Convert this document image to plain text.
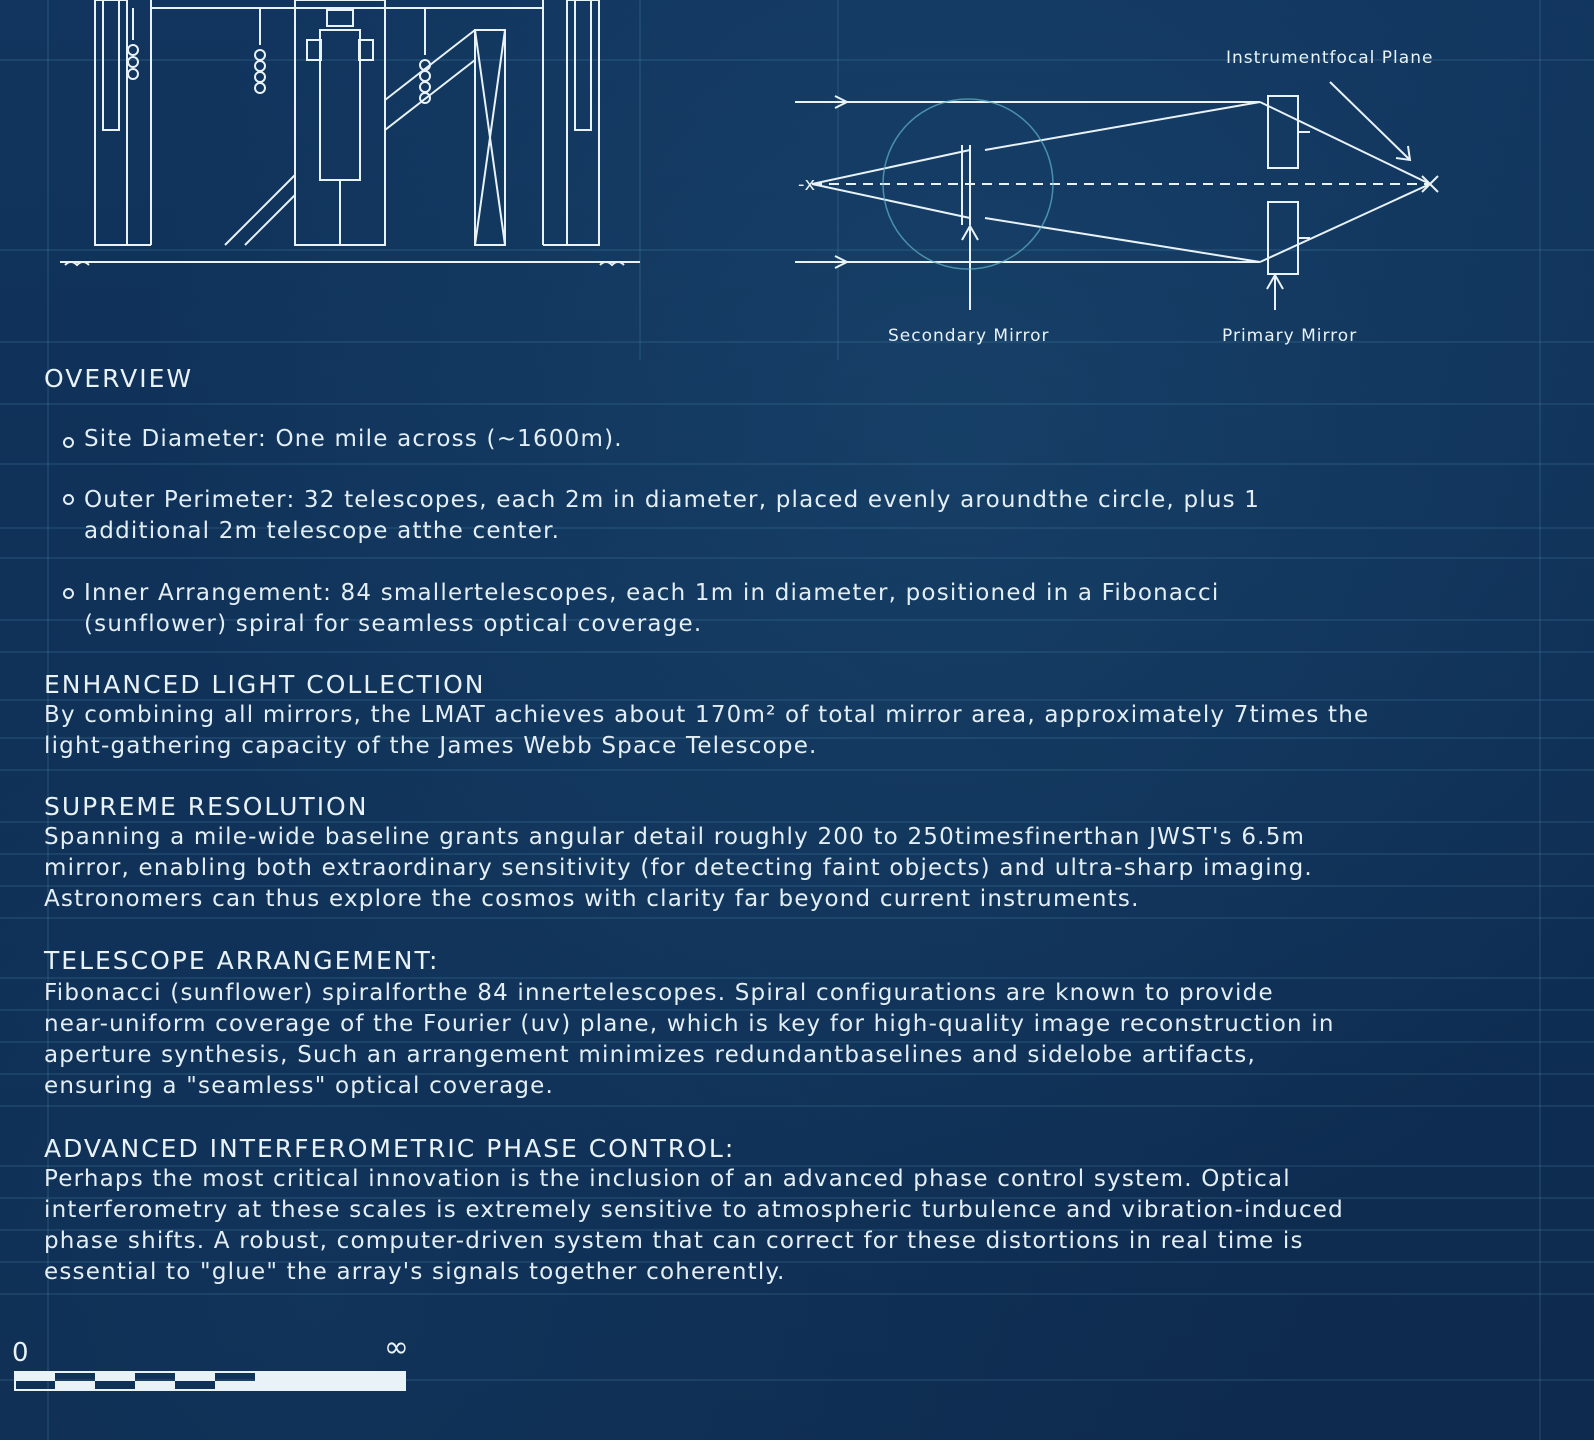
-x
Instrumentfocal Plane
Secondary Mirror	Primary Mirror
OVERVIEW
Site Diameter: One mile across (~1600m).
Outer Perimeter: 32 telescopes, each 2m in diameter, placed evenly aroundthe circle, plus 1
additional 2m telescope atthe center.
Inner Arrangement: 84 smallertelescopes, each 1m in diameter, positioned in a Fibonacci
(sunflower) spiral for seamless optical coverage.
ENHANCED LIGHT COLLECTION
By combining all mirrors, the LMAT achieves about 170m² of total mirror area, approximately 7times the
light-gathering capacity of the James Webb Space Telescope.
SUPREME RESOLUTION
Spanning a mile-wide baseline grants angular detail roughly 200 to 250timesfinerthan JWST's 6.5m
mirror, enabling both extraordinary sensitivity (for detecting faint objects) and ultra-sharp imaging.
Astronomers can thus explore the cosmos with clarity far beyond current instruments.
TELESCOPE ARRANGEMENT:
Fibonacci (sunflower) spiralforthe 84 innertelescopes. Spiral configurations are known to provide
near-uniform coverage of the Fourier (uv) plane, which is key for high-quality image reconstruction in
aperture synthesis, Such an arrangement minimizes redundantbaselines and sidelobe artifacts,
ensuring a "seamless" optical coverage.
ADVANCED INTERFEROMETRIC PHASE CONTROL:
Perhaps the most critical innovation is the inclusion of an advanced phase control system. Optical
interferometry at these scales is extremely sensitive to atmospheric turbulence and vibration-induced
phase shifts. A robust, computer-driven system that can correct for these distortions in real time is
essential to "glue" the array's signals together coherently.
0	∞
